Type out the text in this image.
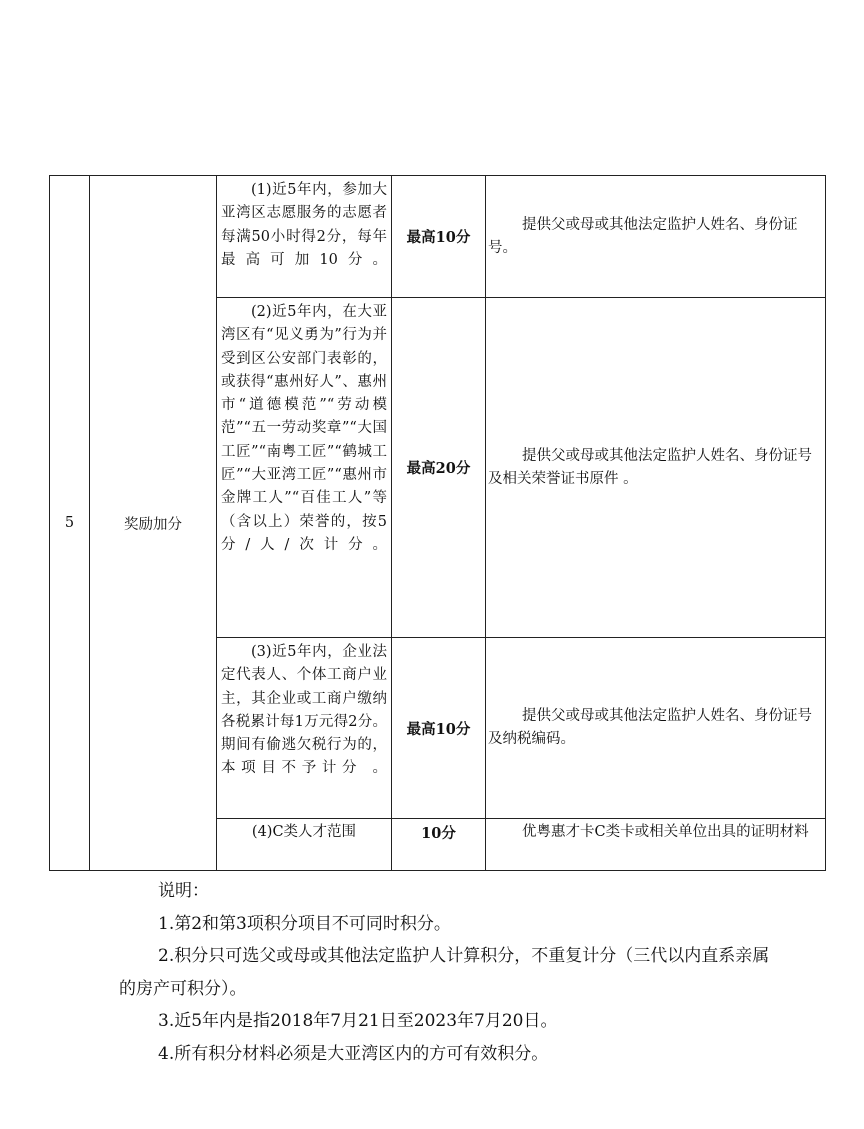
5	奖励加分	(1)近5年内，参加大亚湾区志愿服务的志愿者每满50小时得2分，每年最高可加10分。	最高10分	提供父或母或其他法定监护人姓名、身份证号。

		(2)近5年内，在大亚湾区有“见义勇为”行为并受到区公安部门表彰的，或获得“惠州好人”、惠州市“道德模范”“劳动模范”“五一劳动奖章”“大国工匠”“南粤工匠”“鹤城工匠”“大亚湾工匠”“惠州市金牌工人”“百佳工人”等（含以上）荣誉的，按5分/人/次计分。	最高20分	提供父或母或其他法定监护人姓名、身份证号及相关荣誉证书原件 。

		(3)近5年内，企业法定代表人、个体工商户业主，其企业或工商户缴纳各税累计每1万元得2分。期间有偷逃欠税行为的，本项目不予计分 。	最高10分	提供父或母或其他法定监护人姓名、身份证号及纳税编码。

		(4)C类人才范围	10分	优粤惠才卡C类卡或相关单位出具的证明材料

说明：

1.第2和第3项积分项目不可同时积分。

2.积分只可选父或母或其他法定监护人计算积分，不重复计分（三代以内直系亲属的房产可积分）。

3.近5年内是指2018年7月21日至2023年7月20日。

4.所有积分材料必须是大亚湾区内的方可有效积分。
